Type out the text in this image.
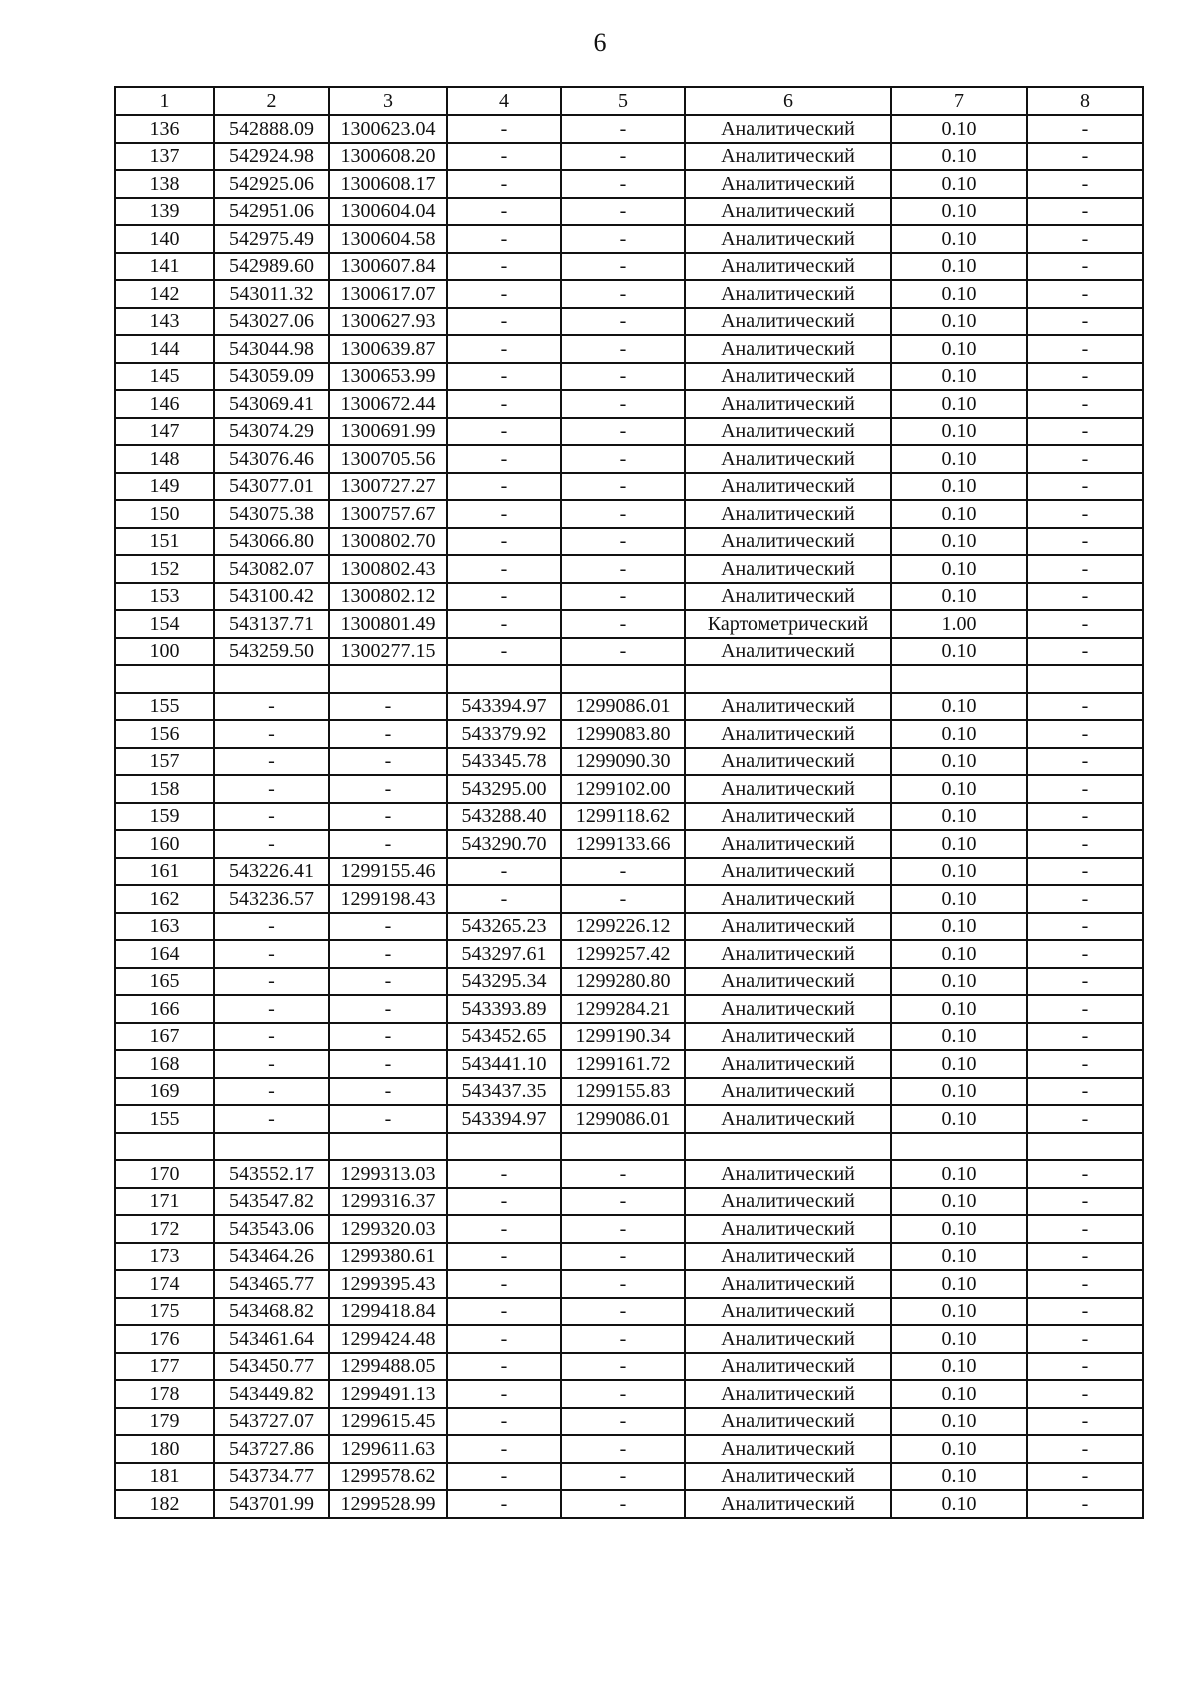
6
1	2	3	4	5	6	7	8
136	542888.09	1300623.04	-	-	Аналитический	0.10	-
137	542924.98	1300608.20	-	-	Аналитический	0.10	-
138	542925.06	1300608.17	-	-	Аналитический	0.10	-
139	542951.06	1300604.04	-	-	Аналитический	0.10	-
140	542975.49	1300604.58	-	-	Аналитический	0.10	-
141	542989.60	1300607.84	-	-	Аналитический	0.10	-
142	543011.32	1300617.07	-	-	Аналитический	0.10	-
143	543027.06	1300627.93	-	-	Аналитический	0.10	-
144	543044.98	1300639.87	-	-	Аналитический	0.10	-
145	543059.09	1300653.99	-	-	Аналитический	0.10	-
146	543069.41	1300672.44	-	-	Аналитический	0.10	-
147	543074.29	1300691.99	-	-	Аналитический	0.10	-
148	543076.46	1300705.56	-	-	Аналитический	0.10	-
149	543077.01	1300727.27	-	-	Аналитический	0.10	-
150	543075.38	1300757.67	-	-	Аналитический	0.10	-
151	543066.80	1300802.70	-	-	Аналитический	0.10	-
152	543082.07	1300802.43	-	-	Аналитический	0.10	-
153	543100.42	1300802.12	-	-	Аналитический	0.10	-
154	543137.71	1300801.49	-	-	Картометрический	1.00	-
100	543259.50	1300277.15	-	-	Аналитический	0.10	-

155	-	-	543394.97	1299086.01	Аналитический	0.10	-
156	-	-	543379.92	1299083.80	Аналитический	0.10	-
157	-	-	543345.78	1299090.30	Аналитический	0.10	-
158	-	-	543295.00	1299102.00	Аналитический	0.10	-
159	-	-	543288.40	1299118.62	Аналитический	0.10	-
160	-	-	543290.70	1299133.66	Аналитический	0.10	-
161	543226.41	1299155.46	-	-	Аналитический	0.10	-
162	543236.57	1299198.43	-	-	Аналитический	0.10	-
163	-	-	543265.23	1299226.12	Аналитический	0.10	-
164	-	-	543297.61	1299257.42	Аналитический	0.10	-
165	-	-	543295.34	1299280.80	Аналитический	0.10	-
166	-	-	543393.89	1299284.21	Аналитический	0.10	-
167	-	-	543452.65	1299190.34	Аналитический	0.10	-
168	-	-	543441.10	1299161.72	Аналитический	0.10	-
169	-	-	543437.35	1299155.83	Аналитический	0.10	-
155	-	-	543394.97	1299086.01	Аналитический	0.10	-

170	543552.17	1299313.03	-	-	Аналитический	0.10	-
171	543547.82	1299316.37	-	-	Аналитический	0.10	-
172	543543.06	1299320.03	-	-	Аналитический	0.10	-
173	543464.26	1299380.61	-	-	Аналитический	0.10	-
174	543465.77	1299395.43	-	-	Аналитический	0.10	-
175	543468.82	1299418.84	-	-	Аналитический	0.10	-
176	543461.64	1299424.48	-	-	Аналитический	0.10	-
177	543450.77	1299488.05	-	-	Аналитический	0.10	-
178	543449.82	1299491.13	-	-	Аналитический	0.10	-
179	543727.07	1299615.45	-	-	Аналитический	0.10	-
180	543727.86	1299611.63	-	-	Аналитический	0.10	-
181	543734.77	1299578.62	-	-	Аналитический	0.10	-
182	543701.99	1299528.99	-	-	Аналитический	0.10	-
